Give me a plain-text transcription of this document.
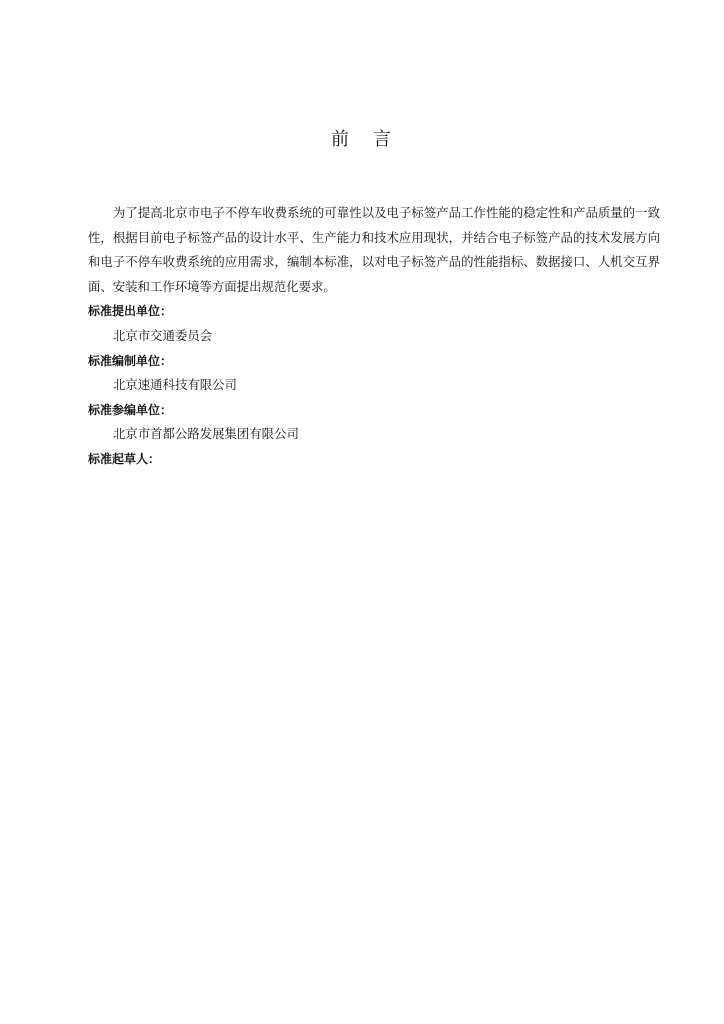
前 言

为了提高北京市电子不停车收费系统的可靠性以及电子标签产品工作性能的稳定性和产品质量的一致性，根据目前电子标签产品的设计水平、生产能力和技术应用现状，并结合电子标签产品的技术发展方向和电子不停车收费系统的应用需求，编制本标准，以对电子标签产品的性能指标、数据接口、人机交互界面、安装和工作环境等方面提出规范化要求。

标准提出单位：

北京市交通委员会

标准编制单位：

北京速通科技有限公司

标准参编单位：

北京市首都公路发展集团有限公司

标准起草人：
